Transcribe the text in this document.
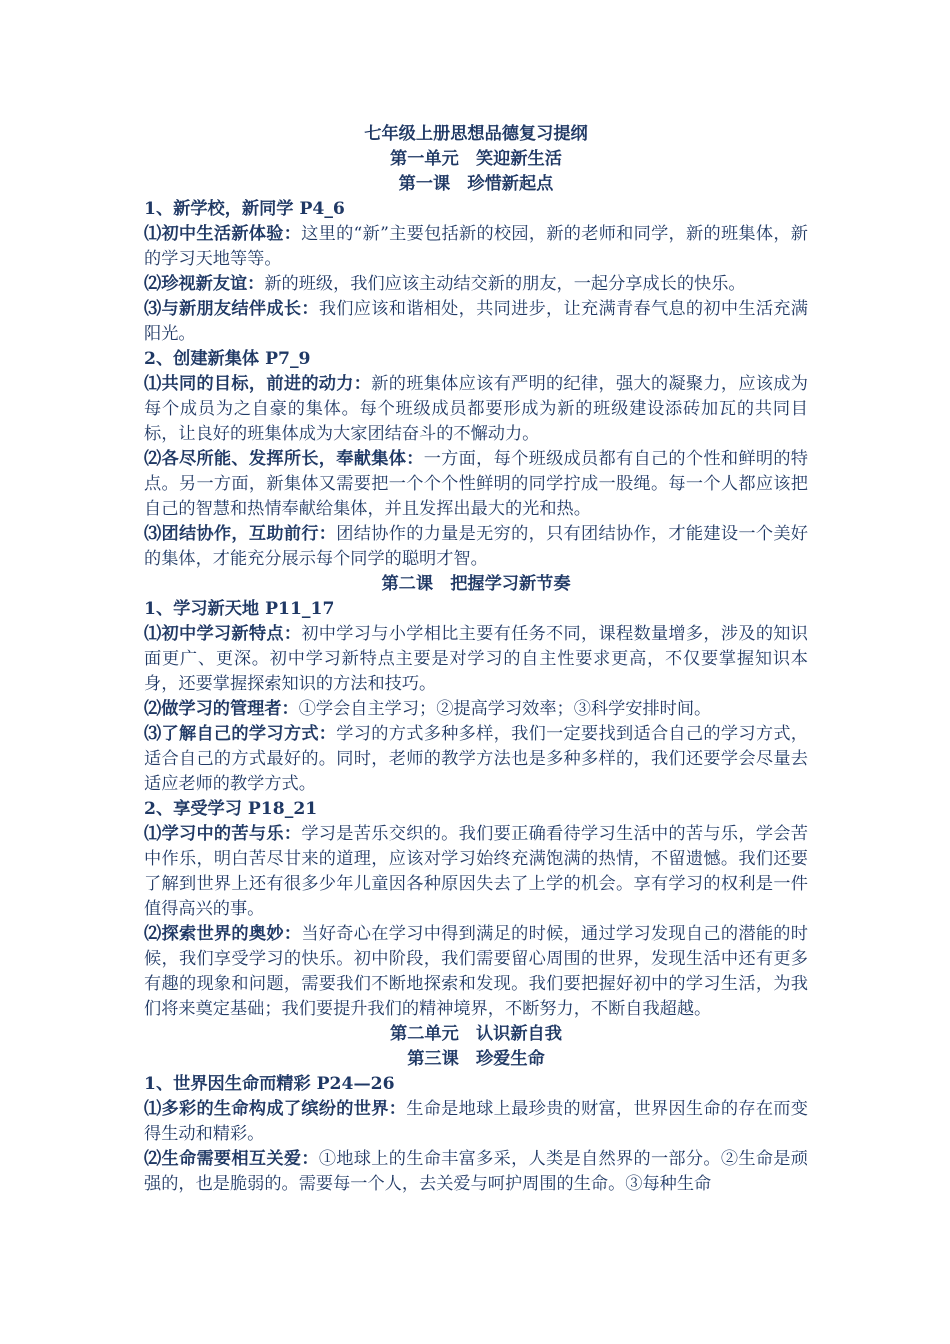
七年级上册思想品德复习提纲
第一单元　笑迎新生活
第一课　珍惜新起点
1、新学校，新同学 P4_6
⑴初中生活新体验：这里的“新”主要包括新的校园，新的老师和同学，新的班集体，新的学习天地等等。
⑵珍视新友谊：新的班级，我们应该主动结交新的朋友，一起分享成长的快乐。
⑶与新朋友结伴成长：我们应该和谐相处，共同进步，让充满青春气息的初中生活充满阳光。
2、创建新集体 P7_9
⑴共同的目标，前进的动力：新的班集体应该有严明的纪律，强大的凝聚力，应该成为每个成员为之自豪的集体。每个班级成员都要形成为新的班级建设添砖加瓦的共同目标，让良好的班集体成为大家团结奋斗的不懈动力。
⑵各尽所能、发挥所长，奉献集体：一方面，每个班级成员都有自己的个性和鲜明的特点。另一方面，新集体又需要把一个个个性鲜明的同学拧成一股绳。每一个人都应该把自己的智慧和热情奉献给集体，并且发挥出最大的光和热。
⑶团结协作，互助前行：团结协作的力量是无穷的，只有团结协作，才能建设一个美好的集体，才能充分展示每个同学的聪明才智。
第二课　把握学习新节奏
1、学习新天地 P11_17
⑴初中学习新特点：初中学习与小学相比主要有任务不同，课程数量增多，涉及的知识面更广、更深。初中学习新特点主要是对学习的自主性要求更高，不仅要掌握知识本身，还要掌握探索知识的方法和技巧。
⑵做学习的管理者：①学会自主学习；②提高学习效率；③科学安排时间。
⑶了解自己的学习方式：学习的方式多种多样，我们一定要找到适合自己的学习方式，适合自己的方式最好的。同时，老师的教学方法也是多种多样的，我们还要学会尽量去适应老师的教学方式。
2、享受学习 P18_21
⑴学习中的苦与乐：学习是苦乐交织的。我们要正确看待学习生活中的苦与乐，学会苦中作乐，明白苦尽甘来的道理，应该对学习始终充满饱满的热情，不留遗憾。我们还要了解到世界上还有很多少年儿童因各种原因失去了上学的机会。享有学习的权利是一件值得高兴的事。
⑵探索世界的奥妙：当好奇心在学习中得到满足的时候，通过学习发现自己的潜能的时候，我们享受学习的快乐。初中阶段，我们需要留心周围的世界，发现生活中还有更多有趣的现象和问题，需要我们不断地探索和发现。我们要把握好初中的学习生活，为我们将来奠定基础；我们要提升我们的精神境界，不断努力，不断自我超越。
第二单元　认识新自我
第三课　珍爱生命
1、世界因生命而精彩 P24—26
⑴多彩的生命构成了缤纷的世界：生命是地球上最珍贵的财富，世界因生命的存在而变得生动和精彩。
⑵生命需要相互关爱：①地球上的生命丰富多采，人类是自然界的一部分。②生命是顽强的，也是脆弱的。需要每一个人，去关爱与呵护周围的生命。③每种生命
